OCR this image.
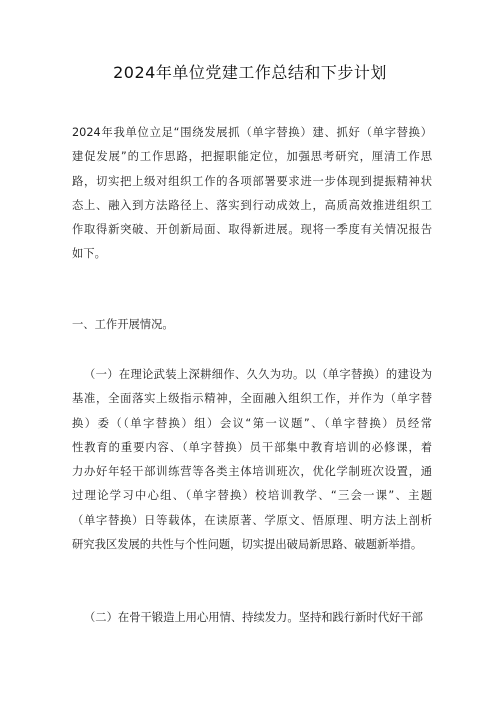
2024年单位党建工作总结和下步计划
2024年我单位立足“围绕发展抓（单字替换）建、抓好（单字替换）
建促发展”的工作思路，把握职能定位，加强思考研究，厘清工作思
路，切实把上级对组织工作的各项部署要求进一步体现到提振精神状
态上、融入到方法路径上、落实到行动成效上，高质高效推进组织工
作取得新突破、开创新局面、取得新进展。现将一季度有关情况报告
如下。
一、工作开展情况。
（一）在理论武装上深耕细作、久久为功。以（单字替换）的建设为
基准，全面落实上级指示精神，全面融入组织工作，并作为（单字替
换）委（（单字替换）组）会议“第一议题”、（单字替换）员经常
性教育的重要内容、（单字替换）员干部集中教育培训的必修课，着
力办好年轻干部训练营等各类主体培训班次，优化学制班次设置，通
过理论学习中心组、（单字替换）校培训教学、“三会一课”、主题
（单字替换）日等载体，在读原著、学原文、悟原理、明方法上剖析
研究我区发展的共性与个性问题，切实提出破局新思路、破题新举措。
（二）在骨干锻造上用心用情、持续发力。坚持和践行新时代好干部
